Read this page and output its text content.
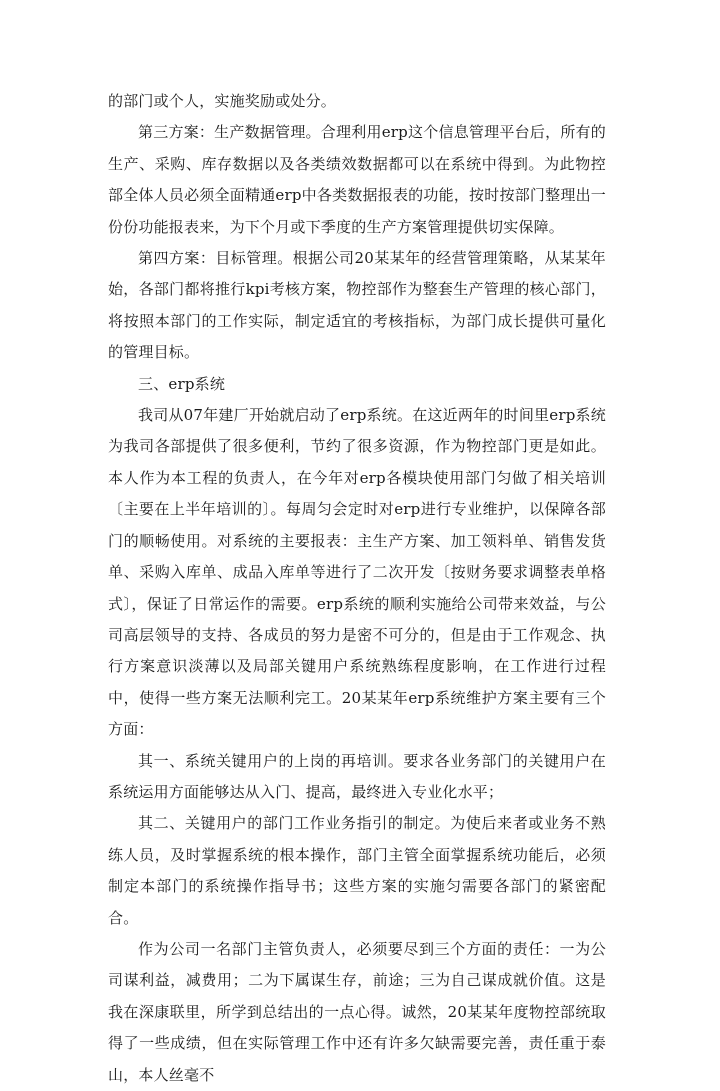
的部门或个人，实施奖励或处分。

第三方案：生产数据管理。合理利用erp这个信息管理平台后，所有的生产、采购、库存数据以及各类绩效数据都可以在系统中得到。为此物控部全体人员必须全面精通erp中各类数据报表的功能，按时按部门整理出一份份功能报表来，为下个月或下季度的生产方案管理提供切实保障。

第四方案：目标管理。根据公司20某某年的经营管理策略，从某某年始，各部门都将推行kpi考核方案，物控部作为整套生产管理的核心部门，将按照本部门的工作实际，制定适宜的考核指标，为部门成长提供可量化的管理目标。

三、erp系统

我司从07年建厂开始就启动了erp系统。在这近两年的时间里erp系统为我司各部提供了很多便利，节约了很多资源，作为物控部门更是如此。本人作为本工程的负责人，在今年对erp各模块使用部门匀做了相关培训〔主要在上半年培训的〕。每周匀会定时对erp进行专业维护，以保障各部门的顺畅使用。对系统的主要报表：主生产方案、加工领料单、销售发货单、采购入库单、成品入库单等进行了二次开发〔按财务要求调整表单格式〕，保证了日常运作的需要。erp系统的顺利实施给公司带来效益，与公司高层领导的支持、各成员的努力是密不可分的，但是由于工作观念、执行方案意识淡薄以及局部关键用户系统熟练程度影响，在工作进行过程中，使得一些方案无法顺利完工。20某某年erp系统维护方案主要有三个方面：

其一、系统关键用户的上岗的再培训。要求各业务部门的关键用户在系统运用方面能够达从入门、提高，最终进入专业化水平；

其二、关键用户的部门工作业务指引的制定。为使后来者或业务不熟练人员，及时掌握系统的根本操作，部门主管全面掌握系统功能后，必须制定本部门的系统操作指导书；这些方案的实施匀需要各部门的紧密配合。

作为公司一名部门主管负责人，必须要尽到三个方面的责任：一为公司谋利益，减费用；二为下属谋生存，前途；三为自己谋成就价值。这是我在深康联里，所学到总结出的一点心得。诚然，20某某年度物控部统取得了一些成绩，但在实际管理工作中还有许多欠缺需要完善，责任重于泰山，本人丝毫不
